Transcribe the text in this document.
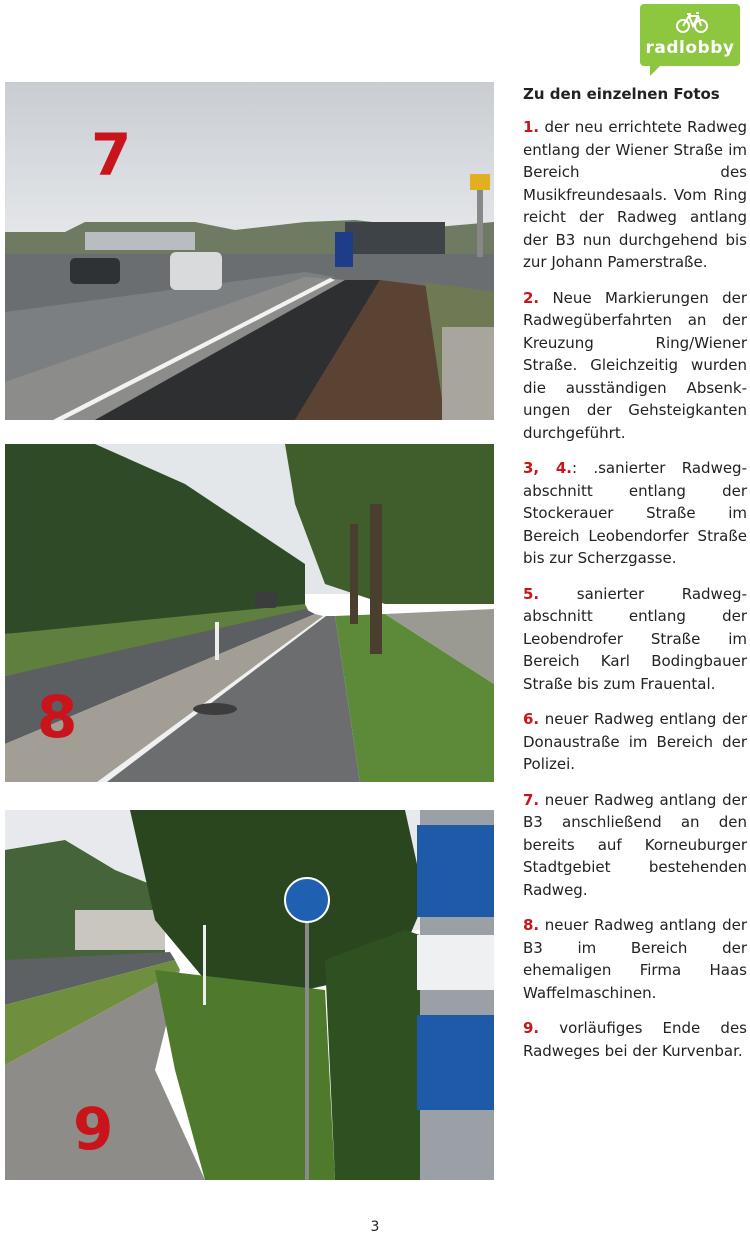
radlobby
7
8
9
Zu den einzelnen Fotos

1. der neu errichtete Radweg entlang der Wiener Straße im Bereich des Musikfreundesaals. Vom Ring reicht der Radweg antlang der B3 nun durchgehend bis zur Johann Pamerstraße.

2. Neue Markierungen der Radwegüberfahrten an der Kreuzung Ring/Wiener Straße. Gleichzeitig wurden die ausständigen Absenk-ungen der Gehsteigkanten durchgeführt.

3, 4.: .sanierter Radweg-abschnitt entlang der Stockerauer Straße im Bereich Leobendorfer Straße bis zur Scherzgasse.

5. sanierter Radweg-abschnitt entlang der Leobendrofer Straße im Bereich Karl Bodingbauer Straße bis zum Frauental.

6. neuer Radweg entlang der Donaustraße im Bereich der Polizei.

7. neuer Radweg antlang der B3 anschließend an den bereits auf Korneuburger Stadtgebiet bestehenden Radweg.

8. neuer Radweg antlang der B3 im Bereich der ehemaligen Firma Haas Waffelmaschinen.

9. vorläufiges Ende des Radweges bei der Kurvenbar.

3
